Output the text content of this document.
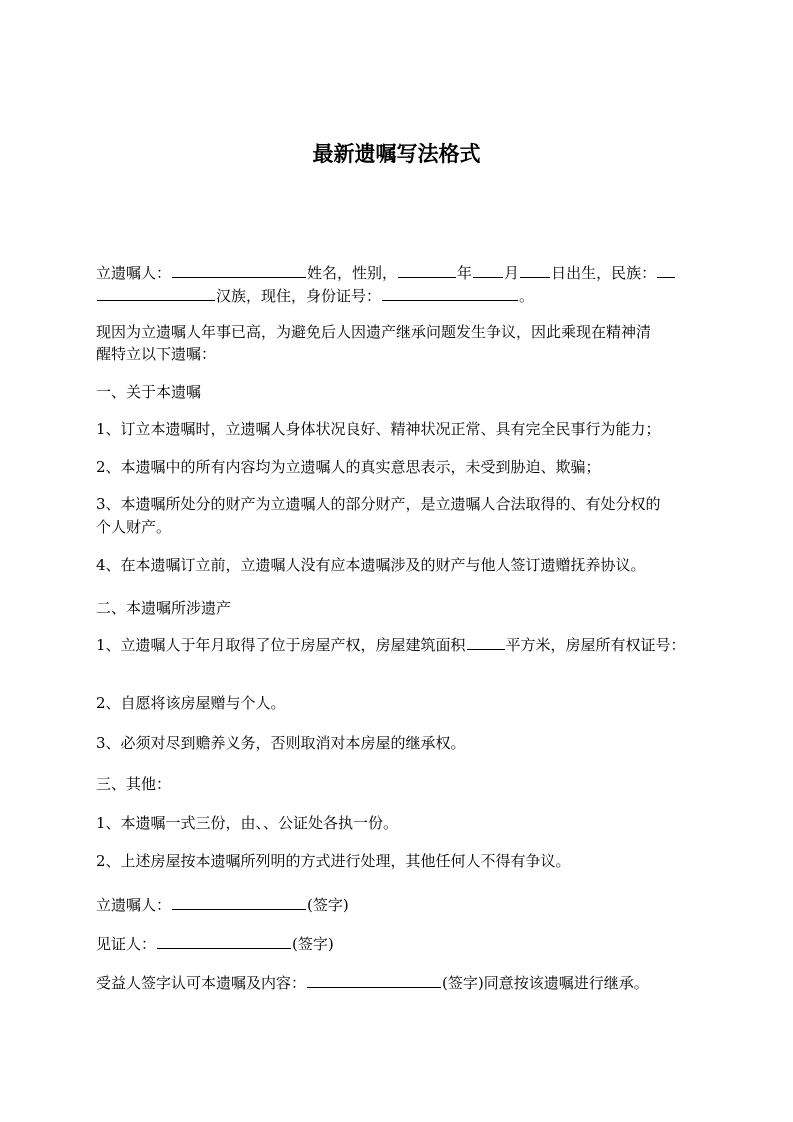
最新遗嘱写法格式
立遗嘱人：	姓名，性别，	年 月 日出生，民族：
汉族，现住，身份证号：	。
现因为立遗嘱人年事已高，为避免后人因遗产继承问题发生争议，因此乘现在精神清
醒特立以下遗嘱：
一、关于本遗嘱
1、订立本遗嘱时，立遗嘱人身体状况良好、精神状况正常、具有完全民事行为能力；
2、本遗嘱中的所有内容均为立遗嘱人的真实意思表示，未受到胁迫、欺骗；
3、本遗嘱所处分的财产为立遗嘱人的部分财产，是立遗嘱人合法取得的、有处分权的
个人财产。
4、在本遗嘱订立前，立遗嘱人没有应本遗嘱涉及的财产与他人签订遗赠抚养协议。
二、本遗嘱所涉遗产
1、立遗嘱人于年月取得了位于房屋产权，房屋建筑面积	平方米，房屋所有权证号：
2、自愿将该房屋赠与个人。
3、必须对尽到赡养义务，否则取消对本房屋的继承权。
三、其他：
1、本遗嘱一式三份，由、、公证处各执一份。
2、上述房屋按本遗嘱所列明的方式进行处理，其他任何人不得有争议。
立遗嘱人：	(签字)
见证人：	(签字)
受益人签字认可本遗嘱及内容：	(签字)同意按该遗嘱进行继承。
